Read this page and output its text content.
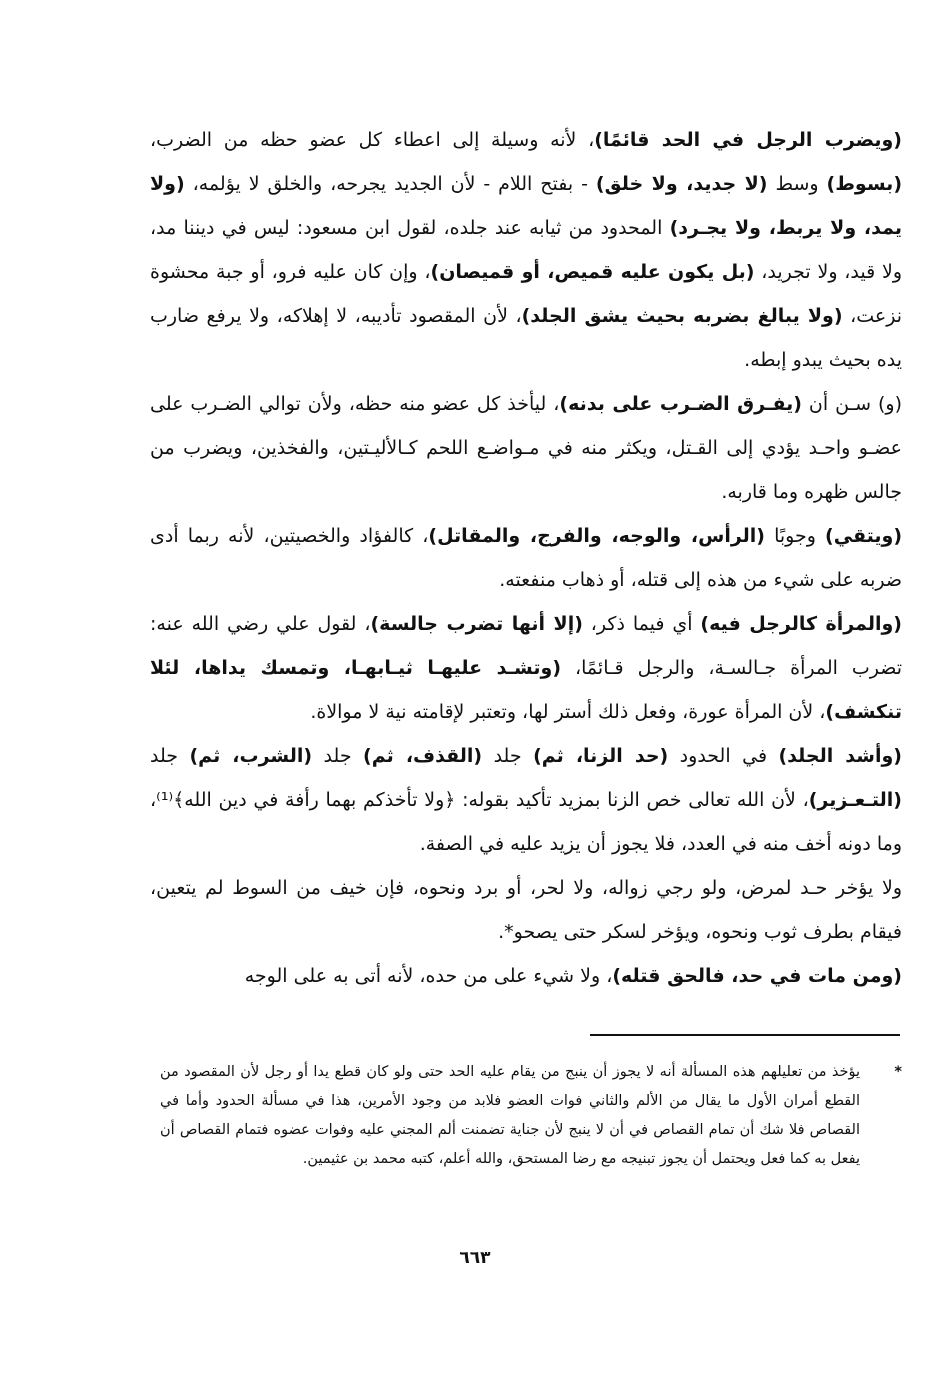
(ويضرب الرجل في الحد قائمًا)، لأنه وسيلة إلى اعطاء كل عضو حظه من الضرب، (بسوط) وسط (لا جديد، ولا خلق) - بفتح اللام - لأن الجديد يجرحه، والخلق لا يؤلمه، (ولا يمد، ولا يربط، ولا يجـرد) المحدود من ثيابه عند جلده، لقول ابن مسعود: ليس في ديننا مد، ولا قيد، ولا تجريد، (بل يكون عليه قميص، أو قميصان)، وإن كان عليه فرو، أو جبة محشوة نزعت، (ولا يبالغ بضربه بحيث يشق الجلد)، لأن المقصود تأديبه، لا إهلاكه، ولا يرفع ضارب يده بحيث يبدو إبطه.

(و) سـن أن (يفـرق الضـرب على بدنه)، ليأخذ كل عضو منه حظه، ولأن توالي الضـرب على عضـو واحـد يؤدي إلى القـتل، ويكثر منه في مـواضـع اللحم كـالأليـتين، والفخذين، ويضرب من جالس ظهره وما قاربه.

(ويتقي) وجوبًا (الرأس، والوجه، والفرج، والمقاتل)، كالفؤاد والخصيتين، لأنه ربما أدى ضربه على شيء من هذه إلى قتله، أو ذهاب منفعته.

(والمرأة كالرجل فيه) أي فيما ذكر، (إلا أنها تضرب جالسة)، لقول علي رضي الله عنه: تضرب المرأة جـالسـة، والرجل قـائمًا، (وتشـد عليهـا ثيـابهـا، وتمسك يداها، لئلا تنكشف)، لأن المرأة عورة، وفعل ذلك أستر لها، وتعتبر لإقامته نية لا موالاة.

(وأشد الجلد) في الحدود (حد الزنا، ثم) جلد (القذف، ثم) جلد (الشرب، ثم) جلد (التـعـزير)، لأن الله تعالى خص الزنا بمزيد تأكيد بقوله: ﴿ولا تأخذكم بهما رأفة في دين الله﴾⁽¹⁾، وما دونه أخف منه في العدد، فلا يجوز أن يزيد عليه في الصفة.

ولا يؤخر حـد لمرض، ولو رجي زواله، ولا لحر، أو برد ونحوه، فإن خيف من السوط لم يتعين، فيقام بطرف ثوب ونحوه، ويؤخر لسكر حتى يصحو*.

(ومن مات في حد، فالحق قتله)، ولا شيء على من حده، لأنه أتى به على الوجه

*
يؤخذ من تعليلهم هذه المسألة أنه لا يجوز أن ينبج من يقام عليه الحد حتى ولو كان قطع يدا أو رجل لأن المقصود من القطع أمران الأول ما يقال من الألم والثاني فوات العضو فلابد من وجود الأمرين، هذا في مسألة الحدود وأما في القصاص فلا شك أن تمام القصاص في أن لا ينبج لأن جناية تضمنت ألم المجني عليه وفوات عضوه فتمام القصاص أن يفعل به كما فعل ويحتمل أن يجوز تبنيجه مع رضا المستحق، والله أعلم، كتبه محمد بن عثيمين.
٦٦٣
